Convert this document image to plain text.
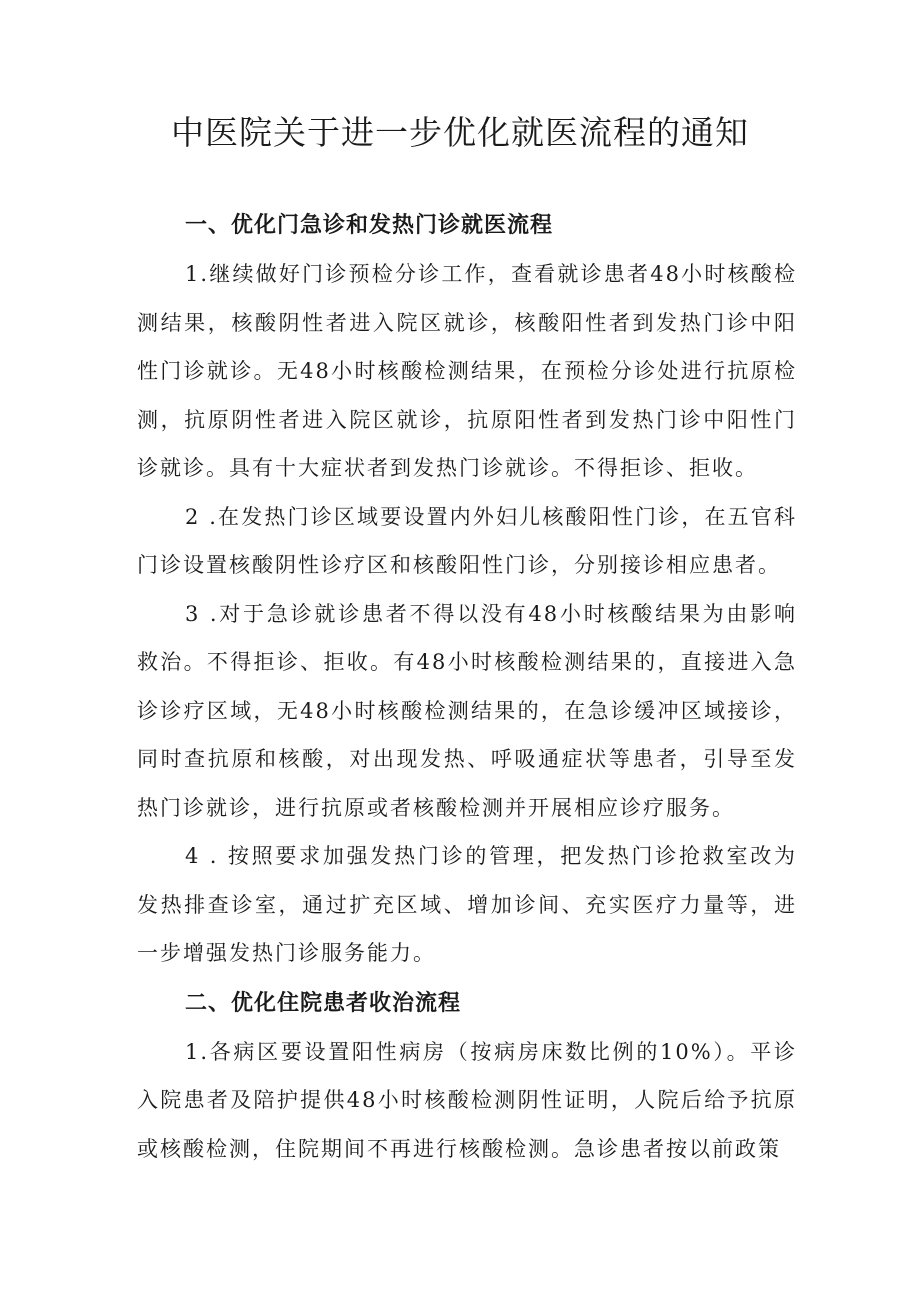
中医院关于进一步优化就医流程的通知
一、优化门急诊和发热门诊就医流程

1.继续做好门诊预检分诊工作，查看就诊患者48小时核酸检测结果，核酸阴性者进入院区就诊，核酸阳性者到发热门诊中阳性门诊就诊。无48小时核酸检测结果，在预检分诊处进行抗原检测，抗原阴性者进入院区就诊，抗原阳性者到发热门诊中阳性门诊就诊。具有十大症状者到发热门诊就诊。不得拒诊、拒收。

2 .在发热门诊区域要设置内外妇儿核酸阳性门诊，在五官科门诊设置核酸阴性诊疗区和核酸阳性门诊，分别接诊相应患者。

3 .对于急诊就诊患者不得以没有48小时核酸结果为由影响救治。不得拒诊、拒收。有48小时核酸检测结果的，直接进入急诊诊疗区域，无48小时核酸检测结果的，在急诊缓冲区域接诊，同时查抗原和核酸，对出现发热、呼吸通症状等患者，引导至发热门诊就诊，进行抗原或者核酸检测并开展相应诊疗服务。

4 . 按照要求加强发热门诊的管理，把发热门诊抢救室改为发热排查诊室，通过扩充区域、增加诊间、充实医疗力量等，进一步增强发热门诊服务能力。

二、优化住院患者收治流程

1.各病区要设置阳性病房（按病房床数比例的10%）。平诊入院患者及陪护提供48小时核酸检测阴性证明，人院后给予抗原或核酸检测，住院期间不再进行核酸检测。急诊患者按以前政策
